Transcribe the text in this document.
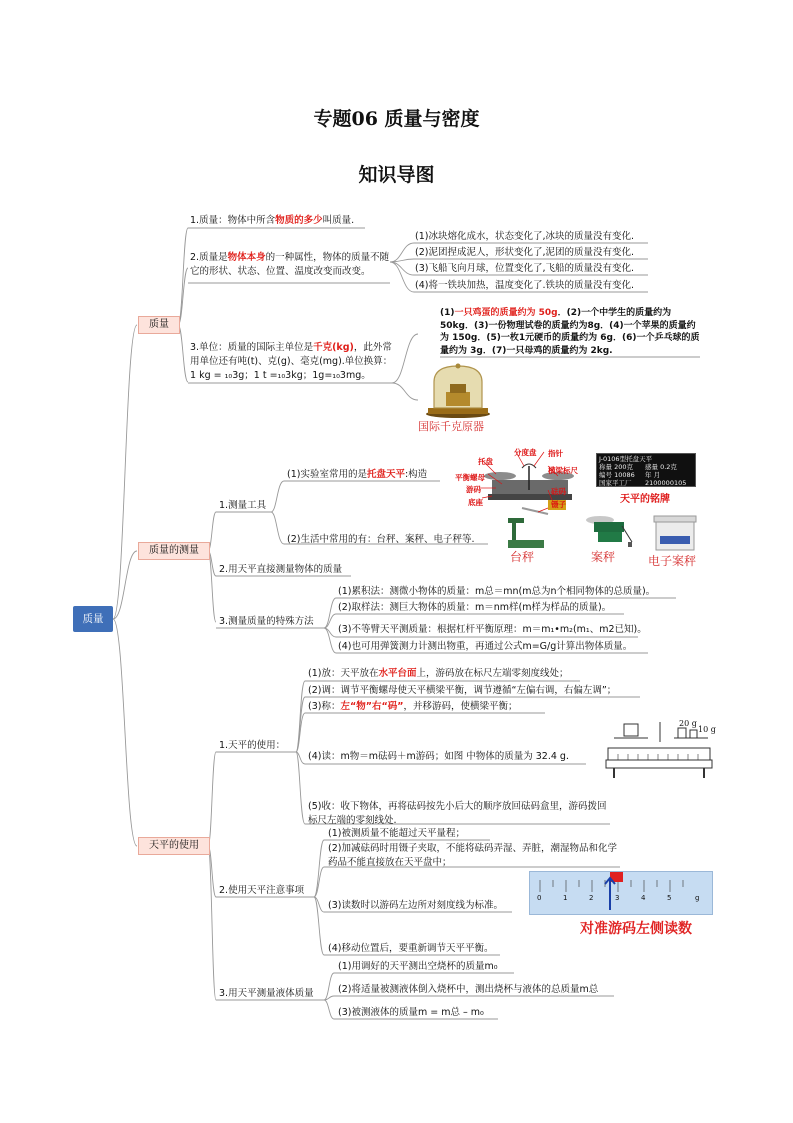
专题06 质量与密度
知识导图
质量
质量
质量的测量
天平的使用
1.质量：物体中所含物质的多少叫质量.
2.质量是物体本身的一种属性，物体的质量不随它的形状、状态、位置、温度改变而改变。
(1)冰块熔化成水，状态变化了,冰块的质量没有变化.
(2)泥团捏成泥人，形状变化了,泥团的质量没有变化.
(3)飞船飞向月球，位置变化了,飞船的质量没有变化.
(4)将一铁块加热，温度变化了.铁块的质量没有变化.
3.单位：质量的国际主单位是千克(kg)，此外常用单位还有吨(t)、克(g)、毫克(mg).单位换算：1 kg = ₁₀3g；1 t =₁₀3kg；1g=₁₀3mg。
(1)一只鸡蛋的质量约为 50g．(2)一个中学生的质量约为50kg．(3)一份物理试卷的质量约为8g．(4)一个苹果的质量约为 150g．(5)一枚1元硬币的质量约为 6g．(6)一个乒乓球的质量约为 3g．(7)一只母鸡的质量约为 2kg.
国际千克原器
1.测量工具
(1)实验室常用的是托盘天平:构造
托盘
分度盘 指针
平衡螺母
横梁标尺
游码	砝码
底座	镊子
J-0106型托盘天平
称量 200克 感量 0.2克
编号 10086 年 月
国家平工厂 2100000105
天平的铭牌
(2)生活中常用的有：台秤、案秤、电子秤等.
台秤	案秤	电子案秤
2.用天平直接测量物体的质量
3.测量质量的特殊方法
(1)累积法：测微小物体的质量：m总＝mn(m总为n个相同物体的总质量)。
(2)取样法：测巨大物体的质量：m＝nm样(m样为样品的质量)。
(3)不等臂天平测质量：根据杠杆平衡原理：m＝m₁•m₂(m₁、m2已知)。
(4)也可用弹簧测力计测出物重，再通过公式m=G/g计算出物体质量。
1.天平的使用：
(1)放：天平放在水平台面上，游码放在标尺左端零刻度线处；
(2)调：调节平衡螺母使天平横梁平衡，调节遵循“左偏右调，右偏左调”；
(3)称：左“物”右“码”，并移游码，使横梁平衡；
(4)读：m物＝m砝码＋m游码；如图 中物体的质量为 32.4 g．
(5)收：收下物体，再将砝码按先小后大的顺序放回砝码盒里，游码拨回标尺左端的零刻线处.
20 g
10 g
2.使用天平注意事项
(1)被测质量不能超过天平量程；
(2)加减砝码时用镊子夹取，不能将砝码弄湿、弄脏，潮湿物品和化学药品不能直接放在天平盘中；
(3)读数时以游码左边所对刻度线为标准。
(4)移动位置后，要重新调节天平平衡。
0	1	2	3	4	5	g
对准游码左侧读数
3.用天平测量液体质量
(1)用调好的天平测出空烧杯的质量m₀
(2)将适量被测液体倒入烧杯中，测出烧杯与液体的总质量m总
(3)被测液体的质量m = m总 – m₀
